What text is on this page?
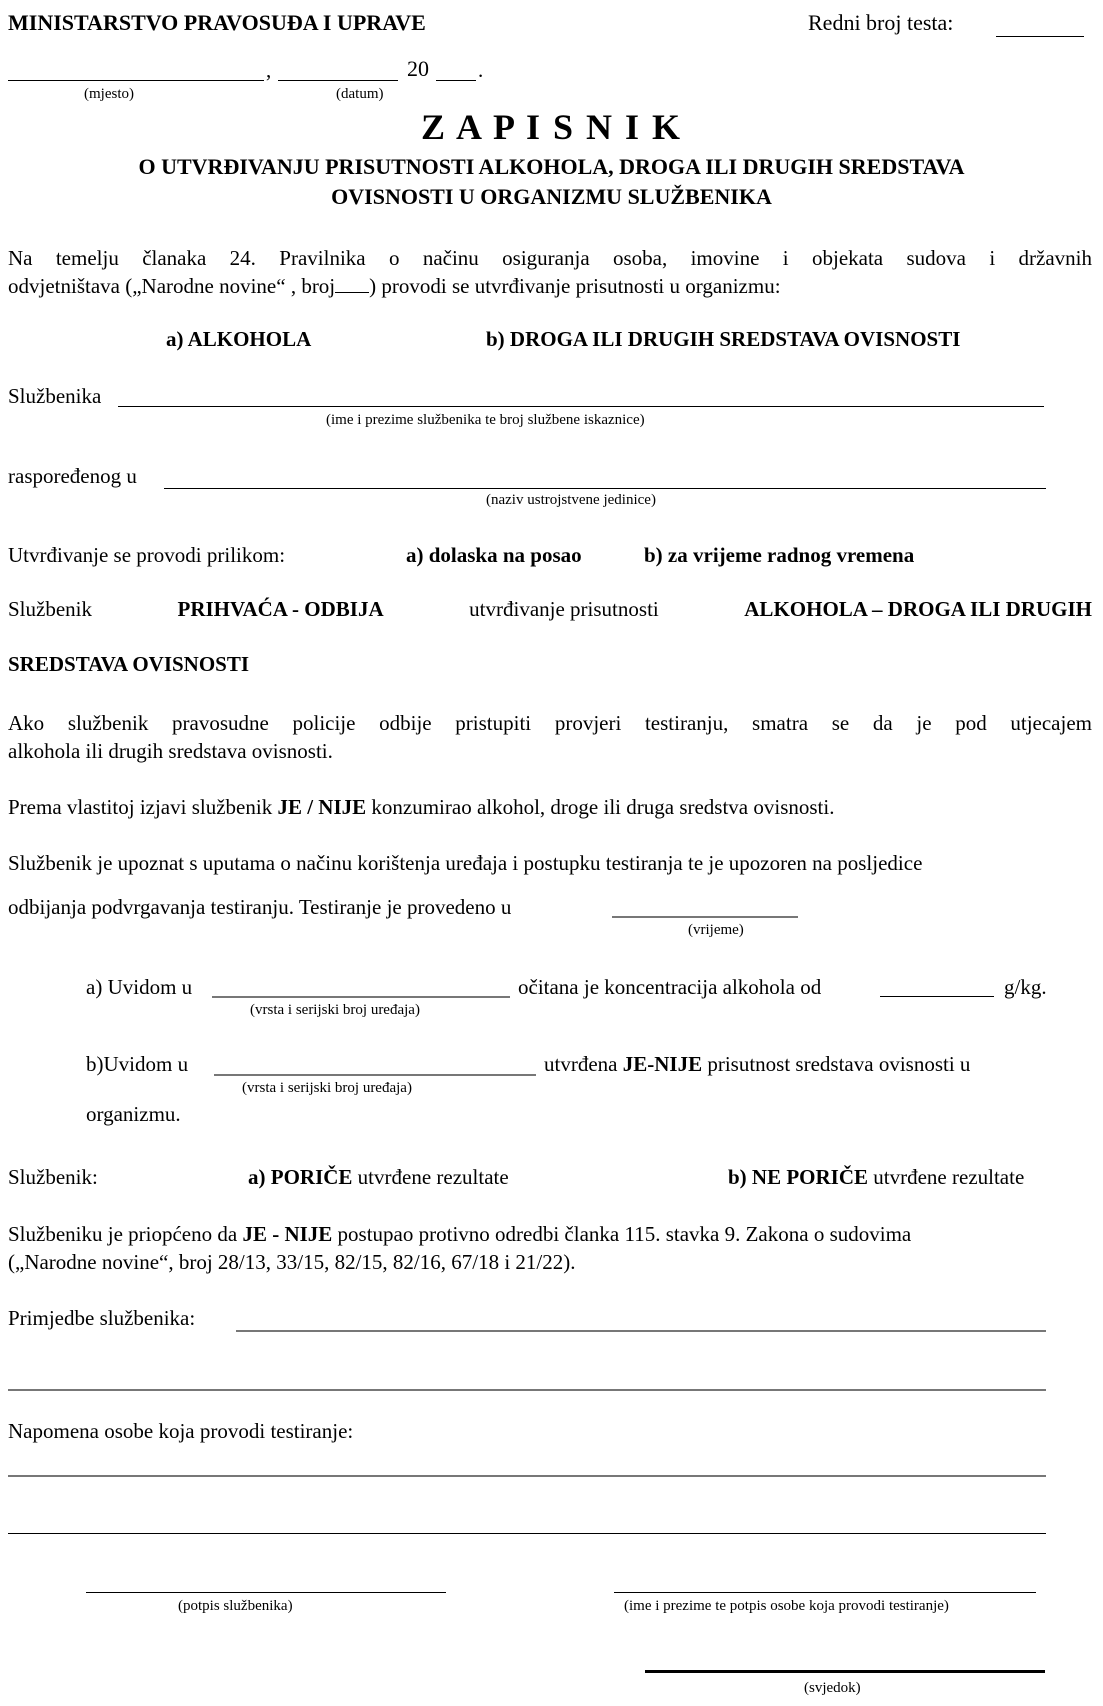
MINISTARSTVO PRAVOSUĐA I UPRAVE	Redni broj testa:
,	20 .
(mjesto)	(datum)
Z A P I S N I K
O UTVRĐIVANJU PRISUTNOSTI ALKOHOLA, DROGA ILI DRUGIH SREDSTAVA
OVISNOSTI U ORGANIZMU SLUŽBENIKA
Na temelju članaka 24. Pravilnika o načinu osiguranja osoba, imovine i objekata sudova i državnih
odvjetništava („Narodne novine“ , broj ) provodi se utvrđivanje prisutnosti u organizmu:
a) ALKOHOLA	b) DROGA ILI DRUGIH SREDSTAVA OVISNOSTI
Službenika
(ime i prezime službenika te broj službene iskaznice)
raspoređenog u
(naziv ustrojstvene jedinice)
Utvrđivanje se provodi prilikom:	a) dolaska na posao	b) za vrijeme radnog vremena
Službenik	PRIHVAĆA - ODBIJA	utvrđivanje prisutnosti	ALKOHOLA – DROGA ILI DRUGIH
SREDSTAVA OVISNOSTI
Ako službenik pravosudne policije odbije pristupiti provjeri testiranju, smatra se da je pod utjecajem
alkohola ili drugih sredstava ovisnosti.
Prema vlastitoj izjavi službenik JE / NIJE konzumirao alkohol, droge ili druga sredstva ovisnosti.
Službenik je upoznat s uputama o načinu korištenja uređaja i postupku testiranja te je upozoren na posljedice
odbijanja podvrgavanja testiranju. Testiranje je provedeno u
(vrijeme)
a) Uvidom u	očitana je koncentracija alkohola od	g/kg.
(vrsta i serijski broj uređaja)
b)Uvidom u	utvrđena JE-NIJE prisutnost sredstava ovisnosti u
(vrsta i serijski broj uređaja)
organizmu.
Službenik:	a) PORIČE utvrđene rezultate	b) NE PORIČE utvrđene rezultate
Službeniku je priopćeno da JE - NIJE postupao protivno odredbi članka 115. stavka 9. Zakona o sudovima
(„Narodne novine“, broj 28/13, 33/15, 82/15, 82/16, 67/18 i 21/22).
Primjedbe službenika:
Napomena osobe koja provodi testiranje:
(potpis službenika)	(ime i prezime te potpis osobe koja provodi testiranje)
(svjedok)
